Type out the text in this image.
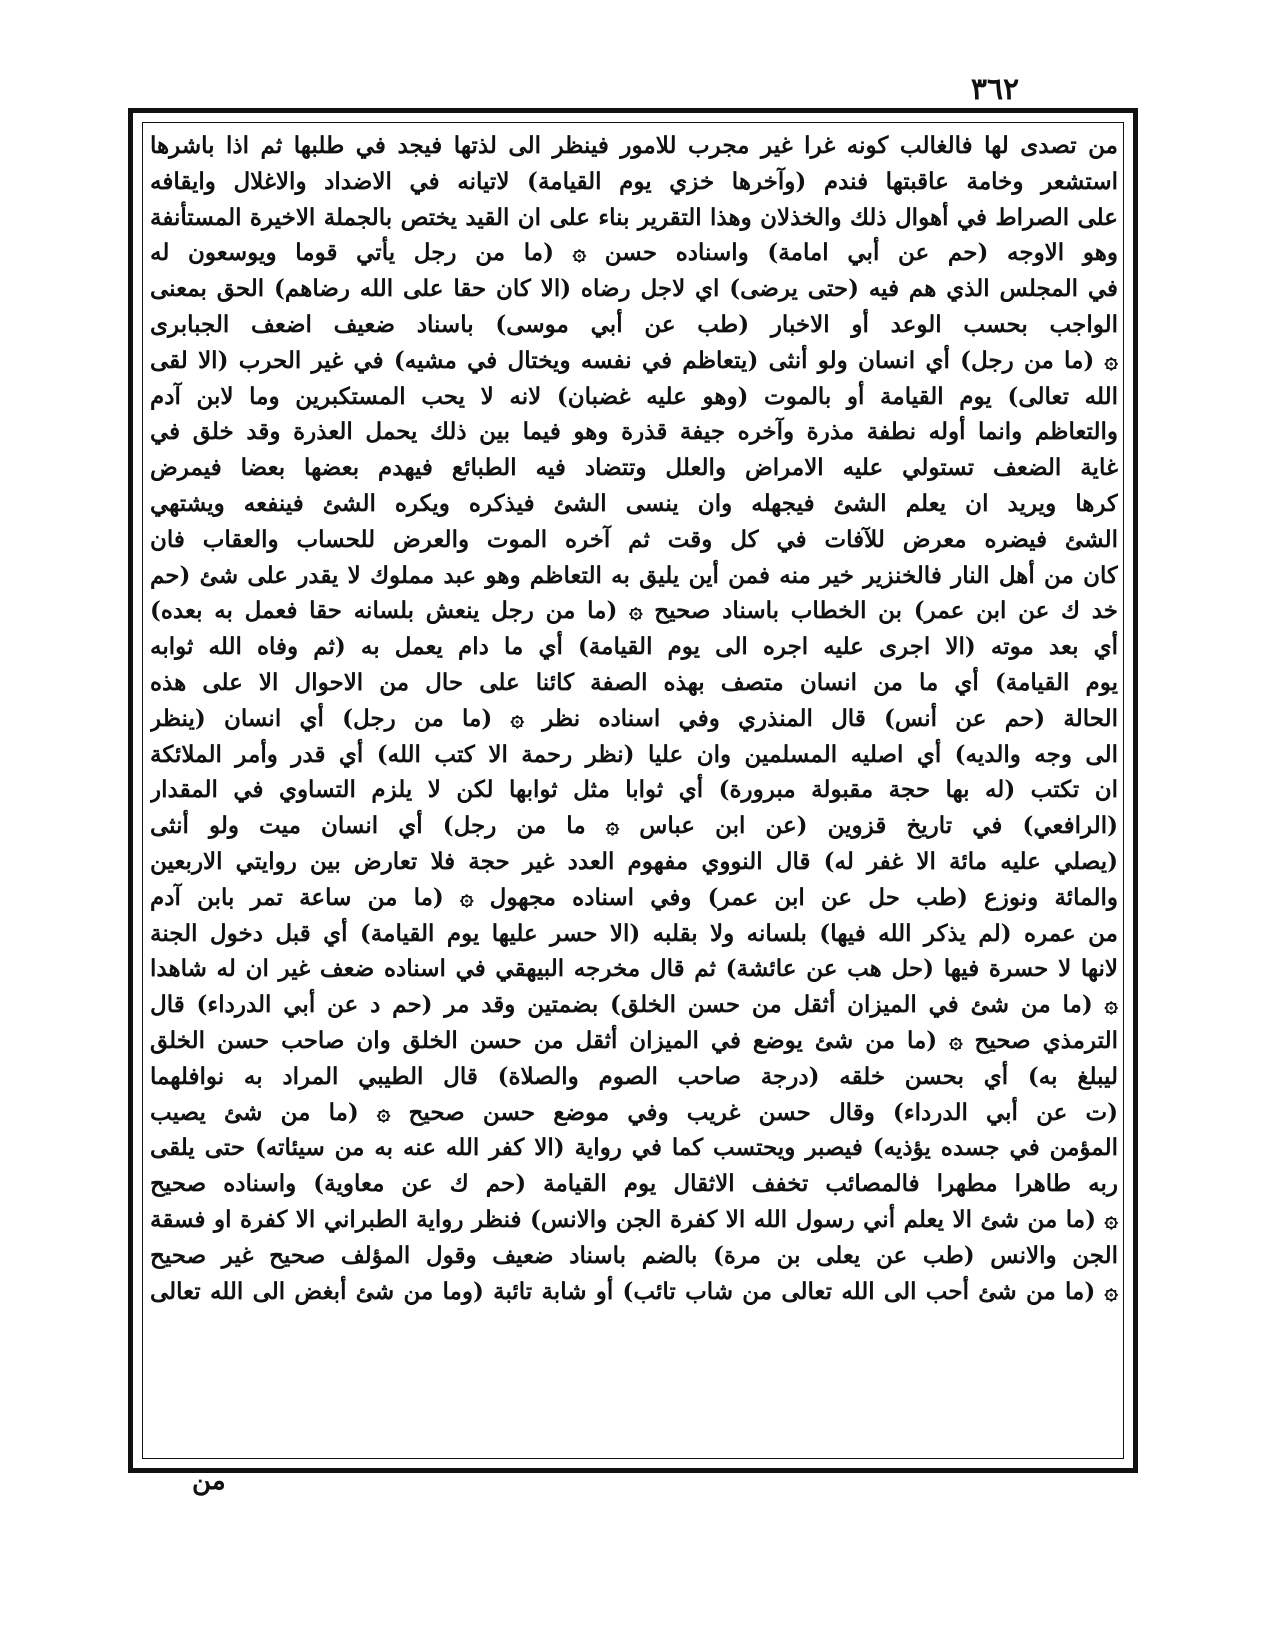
٣٦٢
من تصدى لها فالغالب كونه غرا غير مجرب للامور فينظر الى لذتها فيجد في طلبها ثم اذا باشرها
استشعر وخامة عاقبتها فندم (وآخرها خزي يوم القيامة) لاتيانه في الاضداد والاغلال وايقافه
على الصراط في أهوال ذلك والخذلان وهذا التقرير بناء على ان القيد يختص بالجملة الاخيرة المستأنفة
وهو الاوجه (حم عن أبي امامة) واسناده حسن ۞ (ما من رجل يأتي قوما ويوسعون له
في المجلس الذي هم فيه (حتى يرضى) اي لاجل رضاه (الا كان حقا على الله رضاهم) الحق بمعنى
الواجب بحسب الوعد أو الاخبار (طب عن أبي موسى) باسناد ضعيف اضعف الجبابرى
۞ (ما من رجل) أي انسان ولو أنثى (يتعاظم في نفسه ويختال في مشيه) في غير الحرب (الا لقى
الله تعالى) يوم القيامة أو بالموت (وهو عليه غضبان) لانه لا يحب المستكبرين وما لابن آدم
والتعاظم وانما أوله نطفة مذرة وآخره جيفة قذرة وهو فيما بين ذلك يحمل العذرة وقد خلق في
غاية الضعف تستولي عليه الامراض والعلل وتتضاد فيه الطبائع فيهدم بعضها بعضا فيمرض
كرها ويريد ان يعلم الشئ فيجهله وان ينسى الشئ فيذكره ويكره الشئ فينفعه ويشتهي
الشئ فيضره معرض للآفات في كل وقت ثم آخره الموت والعرض للحساب والعقاب فان
كان من أهل النار فالخنزير خير منه فمن أين يليق به التعاظم وهو عبد مملوك لا يقدر على شئ (حم
خد ك عن ابن عمر) بن الخطاب باسناد صحيح ۞ (ما من رجل ينعش بلسانه حقا فعمل به بعده)
أي بعد موته (الا اجرى عليه اجره الى يوم القيامة) أي ما دام يعمل به (ثم وفاه الله ثوابه
يوم القيامة) أي ما من انسان متصف بهذه الصفة كائنا على حال من الاحوال الا على هذه
الحالة (حم عن أنس) قال المنذري وفي اسناده نظر ۞ (ما من رجل) أي انسان (ينظر
الى وجه والديه) أي اصليه المسلمين وان عليا (نظر رحمة الا كتب الله) أي قدر وأمر الملائكة
ان تكتب (له بها حجة مقبولة مبرورة) أي ثوابا مثل ثوابها لكن لا يلزم التساوي في المقدار
(الرافعي) في تاريخ قزوين (عن ابن عباس ۞ ما من رجل) أي انسان ميت ولو أنثى
(يصلي عليه مائة الا غفر له) قال النووي مفهوم العدد غير حجة فلا تعارض بين روايتي الاربعين
والمائة ونوزع (طب حل عن ابن عمر) وفي اسناده مجهول ۞ (ما من ساعة تمر بابن آدم
من عمره (لم يذكر الله فيها) بلسانه ولا بقلبه (الا حسر عليها يوم القيامة) أي قبل دخول الجنة
لانها لا حسرة فيها (حل هب عن عائشة) ثم قال مخرجه البيهقي في اسناده ضعف غير ان له شاهدا
۞ (ما من شئ في الميزان أثقل من حسن الخلق) بضمتين وقد مر (حم د عن أبي الدرداء) قال
الترمذي صحيح ۞ (ما من شئ يوضع في الميزان أثقل من حسن الخلق وان صاحب حسن الخلق
ليبلغ به) أي بحسن خلقه (درجة صاحب الصوم والصلاة) قال الطيبي المراد به نوافلهما
(ت عن أبي الدرداء) وقال حسن غريب وفي موضع حسن صحيح ۞ (ما من شئ يصيب
المؤمن في جسده يؤذيه) فيصبر ويحتسب كما في رواية (الا كفر الله عنه به من سيئاته) حتى يلقى
ربه طاهرا مطهرا فالمصائب تخفف الاثقال يوم القيامة (حم ك عن معاوية) واسناده صحيح
۞ (ما من شئ الا يعلم أني رسول الله الا كفرة الجن والانس) فنظر رواية الطبراني الا كفرة او فسقة
الجن والانس (طب عن يعلى بن مرة) بالضم باسناد ضعيف وقول المؤلف صحيح غير صحيح
۞ (ما من شئ أحب الى الله تعالى من شاب تائب) أو شابة تائبة (وما من شئ أبغض الى الله تعالى
من
